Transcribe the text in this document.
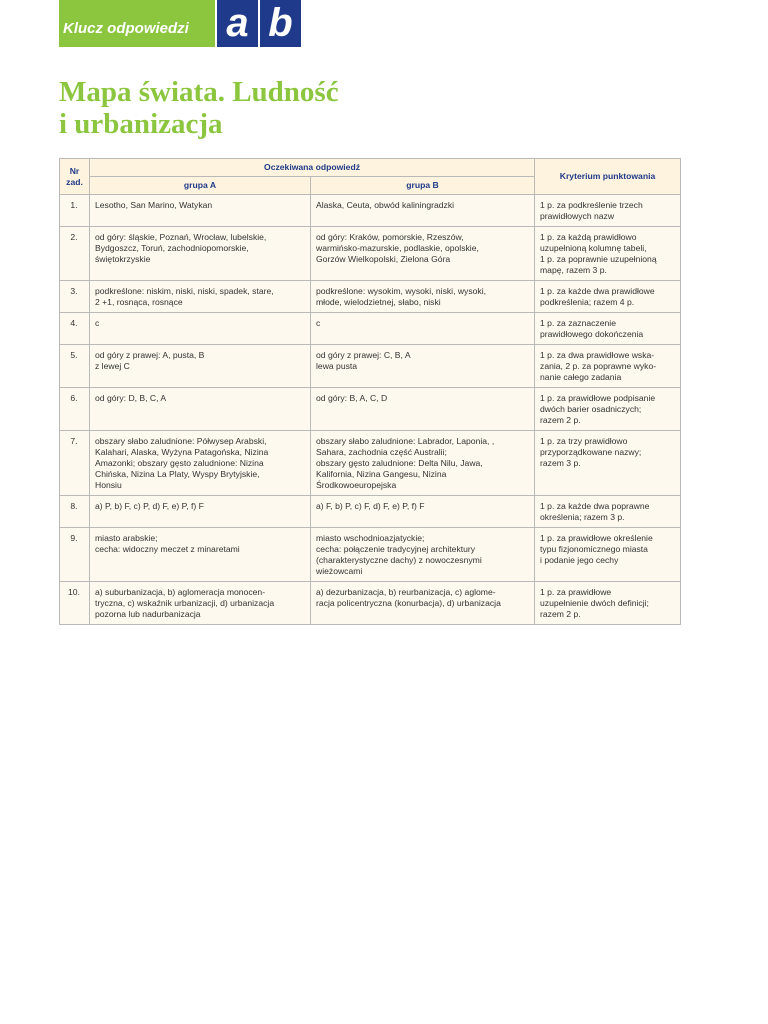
Klucz odpowiedzi a b
Mapa świata. Ludność
i urbanizacja
Nr
zad.	Oczekiwana odpowiedź		Kryterium punktowania
	grupa A	grupa B	
1.	Lesotho, San Marino, Watykan	Alaska, Ceuta, obwód kaliningradzki	1 p. za podkreślenie trzech
prawidłowych nazw

2.	od góry: śląskie, Poznań, Wrocław, lubelskie,
Bydgoszcz, Toruń, zachodniopomorskie,
świętokrzyskie	od góry: Kraków, pomorskie, Rzeszów,
warmińsko-mazurskie, podlaskie, opolskie,
Gorzów Wielkopolski, Zielona Góra	1 p. za każdą prawidłowo
uzupełnioną kolumnę tabeli,
1 p. za poprawnie uzupełnioną
mapę, razem 3 p.

3.	podkreślone: niskim, niski, niski, spadek, stare,
2 +1, rosnąca, rosnące	podkreślone: wysokim, wysoki, niski, wysoki,
młode, wielodzietnej, słabo, niski	1 p. za każde dwa prawidłowe
podkreślenia; razem 4 p.

4.	c	c	1 p. za zaznaczenie
prawidłowego dokończenia

5.	od góry z prawej: A, pusta, B
z lewej C	od góry z prawej: C, B, A
lewa pusta	1 p. za dwa prawidłowe wska-
zania, 2 p. za poprawne wyko-
nanie całego zadania

6.	od góry: D, B, C, A	od góry: B, A, C, D	1 p. za prawidłowe podpisanie
dwóch barier osadniczych;
razem 2 p.

7.	obszary słabo zaludnione: Półwysep Arabski,
Kalahari, Alaska, Wyżyna Patagońska, Nizina
Amazonki; obszary gęsto zaludnione: Nizina
Chińska, Nizina La Platy, Wyspy Brytyjskie,
Honsiu	obszary słabo zaludnione: Labrador, Laponia, ,
Sahara, zachodnia część Australii;
obszary gęsto zaludnione: Delta Nilu, Jawa,
Kalifornia, Nizina Gangesu, Nizina
Środkowoeuropejska	1 p. za trzy prawidłowo
przyporządkowane nazwy;
razem 3 p.

8.	a) P, b) F, c) P, d) F, e) P, f) F	a) F, b) P, c) F, d) F, e) P, f) F	1 p. za każde dwa poprawne
określenia; razem 3 p.

9.	miasto arabskie;
cecha: widoczny meczet z minaretami	miasto wschodnioazjatyckie;
cecha: połączenie tradycyjnej architektury
(charakterystyczne dachy) z nowoczesnymi
wieżowcami	1 p. za prawidłowe określenie
typu fizjonomicznego miasta
i podanie jego cechy

10.	a) suburbanizacja, b) aglomeracja monocen-
tryczna, c) wskaźnik urbanizacji, d) urbanizacja
pozorna lub nadurbanizacja	a) dezurbanizacja, b) reurbanizacja, c) aglome-
racja policentryczna (konurbacja), d) urbanizacja	1 p. za prawidłowe
uzupełnienie dwóch definicji;
razem 2 p.
